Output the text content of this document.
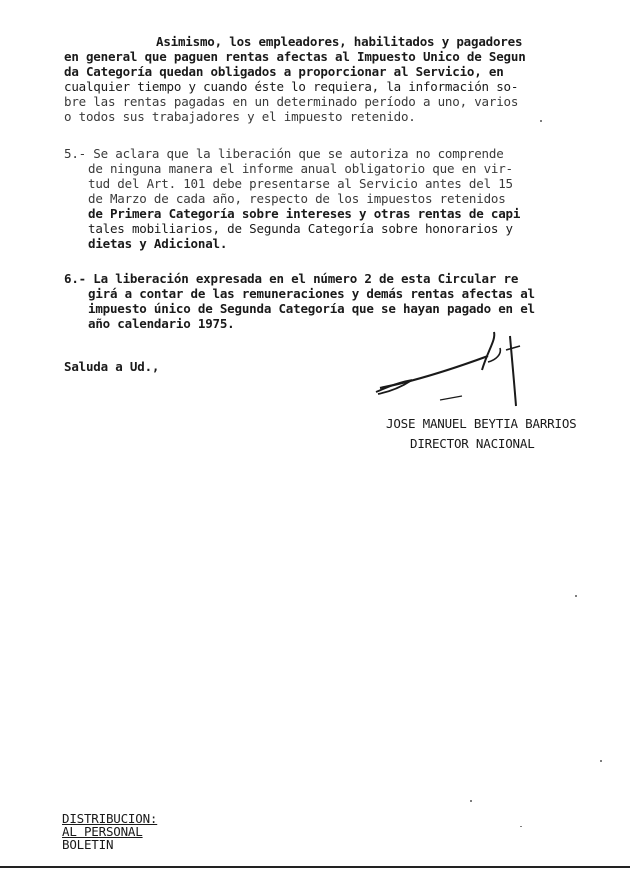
Asimismo, los empleadores, habilitados y pagadores
en general que paguen rentas afectas al Impuesto Unico de Segun
da Categoría quedan obligados a proporcionar al Servicio, en
cualquier tiempo y cuando éste lo requiera, la información so-
bre las rentas pagadas en un determinado período a uno, varios
o todos sus trabajadores y el impuesto retenido.
5.- Se aclara que la liberación que se autoriza no comprende
de ninguna manera el informe anual obligatorio que en vir-
tud del Art. 101 debe presentarse al Servicio antes del 15
de Marzo de cada año, respecto de los impuestos retenidos
de Primera Categoría sobre intereses y otras rentas de capi
tales mobiliarios, de Segunda Categoría sobre honorarios y
dietas y Adicional.
6.- La liberación expresada en el número 2 de esta Circular re
girá a contar de las remuneraciones y demás rentas afectas al
impuesto único de Segunda Categoría que se hayan pagado en el
año calendario 1975.
Saluda a Ud.,
JOSE MANUEL BEYTIA BARRIOS
DIRECTOR NACIONAL
DISTRIBUCION:
AL PERSONAL
BOLETIN
